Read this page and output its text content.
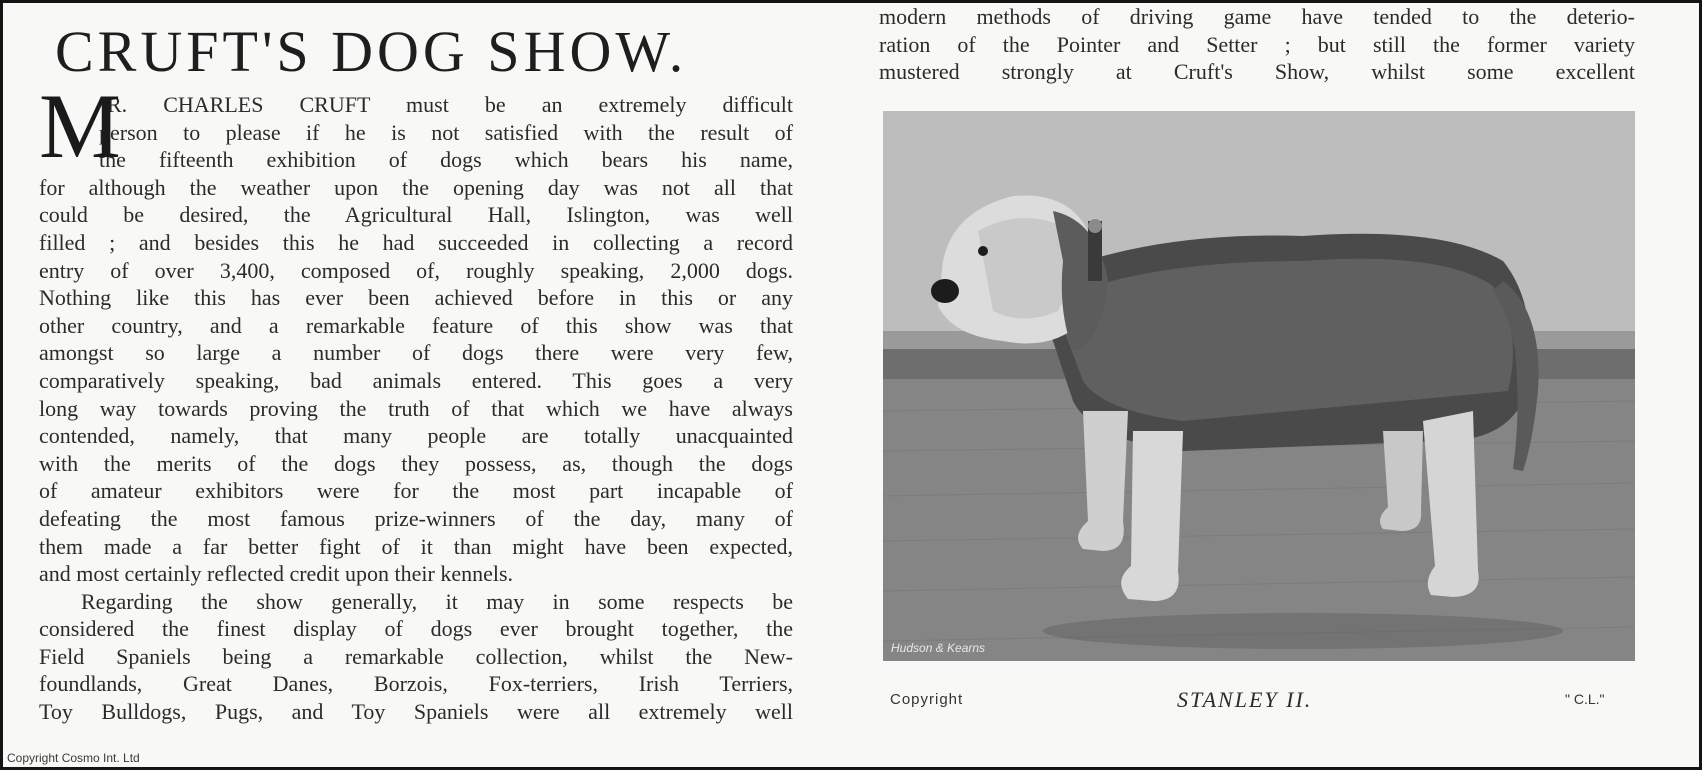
CRUFT'S DOG SHOW.
M
R. CHARLES CRUFT must be an extremely difficult
person to please if he is not satisfied with the result of
the fifteenth exhibition of dogs which bears his name,
for although the weather upon the opening day was not all that
could be desired, the Agricultural Hall, Islington, was well
filled ; and besides this he had succeeded in collecting a record
entry of over 3,400, composed of, roughly speaking, 2,000 dogs.
Nothing like this has ever been achieved before in this or any
other country, and a remarkable feature of this show was that
amongst so large a number of dogs there were very few,
comparatively speaking, bad animals entered. This goes a very
long way towards proving the truth of that which we have always
contended, namely, that many people are totally unacquainted
with the merits of the dogs they possess, as, though the dogs
of amateur exhibitors were for the most part incapable of
defeating the most famous prize-winners of the day, many of
them made a far better fight of it than might have been expected,
and most certainly reflected credit upon their kennels.
Regarding the show generally, it may in some respects be
considered the finest display of dogs ever brought together, the
Field Spaniels being a remarkable collection, whilst the New-
foundlands, Great Danes, Borzois, Fox-terriers, Irish Terriers,
Toy Bulldogs, Pugs, and Toy Spaniels were all extremely well
modern methods of driving game have tended to the deterio-
ration of the Pointer and Setter ; but still the former variety
mustered strongly at Cruft's Show, whilst some excellent
Hudson & Kearns
Copyright	STANLEY II.	" C.L."
Copyright Cosmo Int. Ltd
